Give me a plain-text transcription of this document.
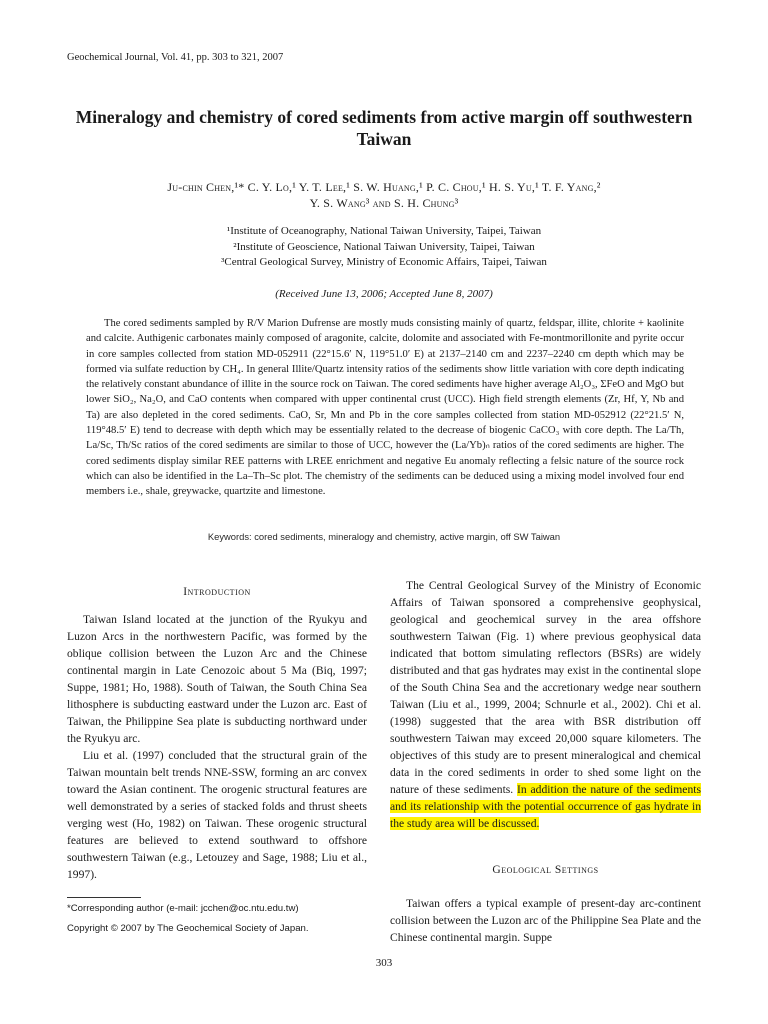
Geochemical Journal, Vol. 41, pp. 303 to 321, 2007
Mineralogy and chemistry of cored sediments from active margin off southwestern Taiwan
Ju-chin Chen,¹* C. Y. Lo,¹ Y. T. Lee,¹ S. W. Huang,¹ P. C. Chou,¹ H. S. Yu,¹ T. F. Yang,²
Y. S. Wang³ and S. H. Chung³
¹Institute of Oceanography, National Taiwan University, Taipei, Taiwan
²Institute of Geoscience, National Taiwan University, Taipei, Taiwan
³Central Geological Survey, Ministry of Economic Affairs, Taipei, Taiwan
(Received June 13, 2006; Accepted June 8, 2007)
The cored sediments sampled by R/V Marion Dufrense are mostly muds consisting mainly of quartz, feldspar, illite, chlorite + kaolinite and calcite. Authigenic carbonates mainly composed of aragonite, calcite, dolomite and associated with Fe-montmorillonite and pyrite occur in core samples collected from station MD-052911 (22°15.6′ N, 119°51.0′ E) at 2137–2140 cm and 2237–2240 cm depth which may be formed via sulfate reduction by CH₄. In general Illite/Quartz intensity ratios of the sediments show little variation with core depth indicating the relatively constant abundance of illite in the source rock on Taiwan. The cored sediments have higher average Al₂O₃, ΣFeO and MgO but lower SiO₂, Na₂O, and CaO contents when compared with upper continental crust (UCC). High field strength elements (Zr, Hf, Y, Nb and Ta) are also depleted in the cored sediments. CaO, Sr, Mn and Pb in the core samples collected from station MD-052912 (22°21.5′ N, 119°48.5′ E) tend to decrease with depth which may be essentially related to the decrease of biogenic CaCO₃ with core depth. The La/Th, La/Sc, Th/Sc ratios of the cored sediments are similar to those of UCC, however the (La/Yb)ₙ ratios of the cored sediments are higher. The cored sediments display similar REE patterns with LREE enrichment and negative Eu anomaly reflecting a felsic nature of the source rock which can also be identified in the La–Th–Sc plot. The chemistry of the sediments can be deduced using a mixing model involved four end members i.e., shale, greywacke, quartzite and limestone.
Keywords: cored sediments, mineralogy and chemistry, active margin, off SW Taiwan
Introduction

Taiwan Island located at the junction of the Ryukyu and Luzon Arcs in the northwestern Pacific, was formed by the oblique collision between the Luzon Arc and the Chinese continental margin in Late Cenozoic about 5 Ma (Biq, 1997; Suppe, 1981; Ho, 1988). South of Taiwan, the South China Sea lithosphere is subducting eastward under the Luzon arc. East of Taiwan, the Philippine Sea plate is subducting northward under the Ryukyu arc.

Liu et al. (1997) concluded that the structural grain of the Taiwan mountain belt trends NNE-SSW, forming an arc convex toward the Asian continent. The orogenic structural features are well demonstrated by a series of stacked folds and thrust sheets verging west (Ho, 1982) on Taiwan. These orogenic structural features are believed to extend southward to offshore southwestern Taiwan (e.g., Letouzey and Sage, 1988; Liu et al., 1997).

The Central Geological Survey of the Ministry of Economic Affairs of Taiwan sponsored a comprehensive geophysical, geological and geochemical survey in the area offshore southwestern Taiwan (Fig. 1) where previous geophysical data indicated that bottom simulating reflectors (BSRs) are widely distributed and that gas hydrates may exist in the continental slope of the South China Sea and the accretionary wedge near southern Taiwan (Liu et al., 1999, 2004; Schnurle et al., 2002). Chi et al. (1998) suggested that the area with BSR distribution off southwestern Taiwan may exceed 20,000 square kilometers. The objectives of this study are to present mineralogical and chemical data in the cored sediments in order to shed some light on the nature of these sediments. In addition the nature of the sediments and its relationship with the potential occurrence of gas hydrate in the study area will be discussed.

Geological Settings

Taiwan offers a typical example of present-day arc-continent collision between the Luzon arc of the Philippine Sea Plate and the Chinese continental margin. Suppe

*Corresponding author (e-mail: jcchen@oc.ntu.edu.tw)
Copyright © 2007 by The Geochemical Society of Japan.
303
